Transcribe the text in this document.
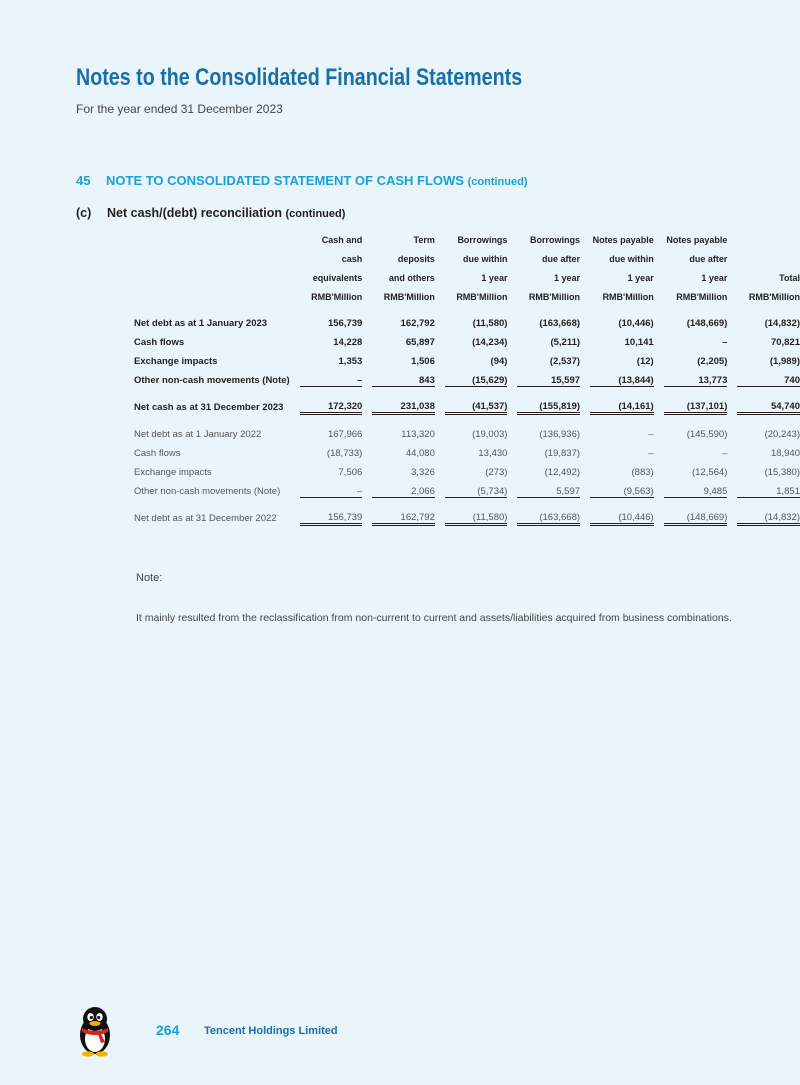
Notes to the Consolidated Financial Statements
For the year ended 31 December 2023
45 NOTE TO CONSOLIDATED STATEMENT OF CASH FLOWS (continued)
(c) Net cash/(debt) reconciliation (continued)
	Cash and	Term	Borrowings	Borrowings	Notes payable	Notes payable	
	cash	deposits	due within	due after	due within	due after	
	equivalents	and others	1 year	1 year	1 year	1 year	Total
	RMB'Million	RMB'Million	RMB'Million	RMB'Million	RMB'Million	RMB'Million	RMB'Million

Net debt as at 1 January 2023	156,739	162,792	(11,580)	(163,668)	(10,446)	(148,669)	(14,832)

Cash flows	14,228	65,897	(14,234)	(5,211)	10,141	–	70,821

Exchange impacts	1,353	1,506	(94)	(2,537)	(12)	(2,205)	(1,989)

Other non-cash movements (Note)	–	843	(15,629)	15,597	(13,844)	13,773	740

Net cash as at 31 December 2023	172,320	231,038	(41,537)	(155,819)	(14,161)	(137,101)	54,740

Net debt as at 1 January 2022	167,966	113,320	(19,003)	(136,936)	–	(145,590)	(20,243)

Cash flows	(18,733)	44,080	13,430	(19,837)	–	–	18,940

Exchange impacts	7,506	3,326	(273)	(12,492)	(883)	(12,564)	(15,380)

Other non-cash movements (Note)	–	2,066	(5,734)	5,597	(9,563)	9,485	1,851

Net debt as at 31 December 2022	156,739	162,792	(11,580)	(163,668)	(10,446)	(148,669)	(14,832)
Note:
It mainly resulted from the reclassification from non-current to current and assets/liabilities acquired from business combinations.
264 Tencent Holdings Limited
